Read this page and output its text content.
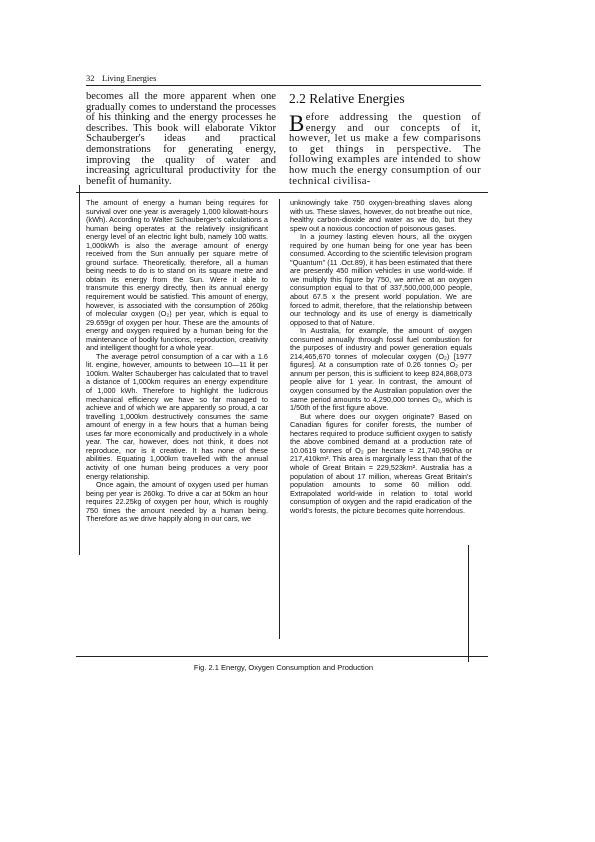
32 Living Energies

becomes all the more apparent when one gradually comes to understand the processes of his thinking and the energy processes he describes. This book will elaborate Viktor Schauberger's ideas and practical demonstrations for generating energy, improving the quality of water and increasing agricultural productivity for the benefit of humanity.

2.2 Relative Energies

Before addressing the question of energy and our concepts of it, however, let us make a few comparisons to get things in perspective. The following examples are intended to show how much the energy consumption of our technical civilisa-

The amount of energy a human being requires for survival over one year is averagely 1,000 kilowatt-hours (kWh). According to Walter Schauberger's calculations a human being operates at the relatively insignificant energy level of an electric light bulb, namely 100 watts. 1,000kWh is also the average amount of energy received from the Sun annually per square metre of ground surface. Theoretically, therefore, all a human being needs to do is to stand on its square metre and obtain its energy from the Sun. Were it able to transmute this energy directly, then its annual energy requirement would be satisfied. This amount of energy, however, is associated with the consumption of 260kg of molecular oxygen (O₂) per year, which is equal to 29.659gr of oxygen per hour. These are the amounts of energy and oxygen required by a human being for the maintenance of bodily functions, reproduction, creativity and intelligent thought for a whole year.

The average petrol consumption of a car with a 1.6 lit. engine, however, amounts to between 10—11 lit per 100km. Walter Schauberger has calculated that to travel a distance of 1,000km requires an energy expenditure of 1,000 kWh. Therefore to highlight the ludicrous mechanical efficiency we have so far managed to achieve and of which we are apparently so proud, a car travelling 1,000km destructively consumes the same amount of energy in a few hours that a human being uses far more economically and productively in a whole year. The car, however, does not think, it does not reproduce, nor is it creative. It has none of these abilities. Equating 1,000km travelled with the annual activity of one human being produces a very poor energy relationship.

Once again, the amount of oxygen used per human being per year is 260kg. To drive a car at 50km an hour requires 22.25kg of oxygen per hour, which is roughly 750 times the amount needed by a human being. Therefore as we drive happily along in our cars, we

unknowingly take 750 oxygen-breathing slaves along with us. These slaves, however, do not breathe out nice, healthy carbon-dioxide and water as we do, but they spew out a noxious concoction of poisonous gases.

In a journey lasting eleven hours, all the oxygen required by one human being for one year has been consumed. According to the scientific television program "Quantum" (11 .Oct.89), it has been estimated that there are presently 450 million vehicles in use world-wide. If we multiply this figure by 750, we arrive at an oxygen consumption equal to that of 337,500,000,000 people, about 67.5 x the present world population. We are forced to admit, therefore, that the relationship between our technology and its use of energy is diametrically opposed to that of Nature.

In Australia, for example, the amount of oxygen consumed annually through fossil fuel combustion for the purposes of industry and power generation equals 214,465,670 tonnes of molecular oxygen (O₂) [1977 figures]. At a consumption rate of 0.26 tonnes O₂ per annum per person, this is sufficient to keep 824,868,073 people alive for 1 year. In contrast, the amount of oxygen consumed by the Australian population over the same period amounts to 4,290,000 tonnes O₂, which is 1/50th of the first figure above.

But where does our oxygen originate? Based on Canadian figures for conifer forests, the number of hectares required to produce sufficient oxygen to satisfy the above combined demand at a production rate of 10.0619 tonnes of O₂ per hectare = 21,740,990ha or 217,410km². This area is marginally less than that of the whole of Great Britain = 229,523km². Australia has a population of about 17 million, whereas Great Britain's population amounts to some 60 million odd. Extrapolated world-wide in relation to total world consumption of oxygen and the rapid eradication of the world's forests, the picture becomes quite horrendous.

Fig. 2.1 Energy, Oxygen Consumption and Production
